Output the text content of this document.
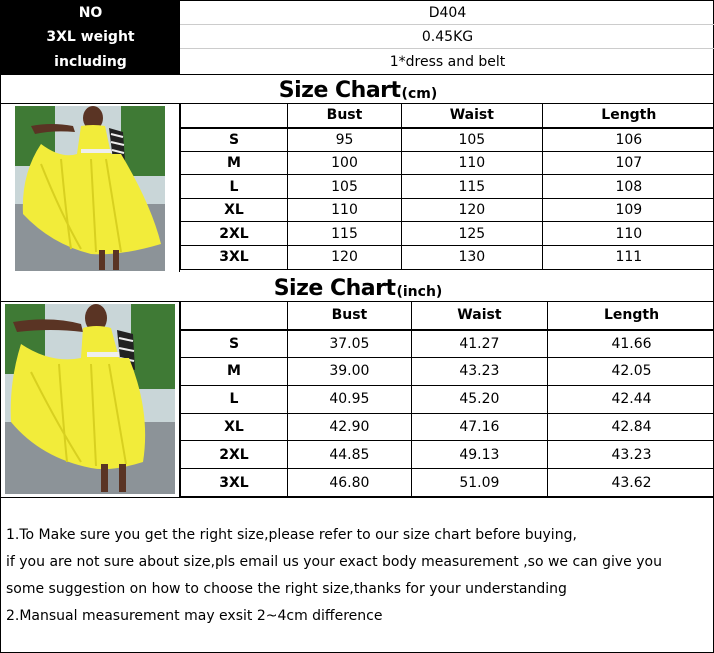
NO	D404
3XL weight	0.45KG
including	1*dress and belt
Size Chart (cm)
	Bust	Waist	Length
S	95	105	106
M	100	110	107
L	105	115	108
XL	110	120	109
2XL	115	125	110
3XL	120	130	111
Size Chart (inch)
	Bust	Waist	Length
S	37.05	41.27	41.66
M	39.00	43.23	42.05
L	40.95	45.20	42.44
XL	42.90	47.16	42.84
2XL	44.85	49.13	43.23
3XL	46.80	51.09	43.62

1.To Make sure you get the right size,please refer to our size chart before buying,

if you are not sure about size,pls email us your exact body measurement ,so we can give you

some suggestion on how to choose the right size,thanks for your understanding

2.Mansual measurement may exsit 2~4cm difference
